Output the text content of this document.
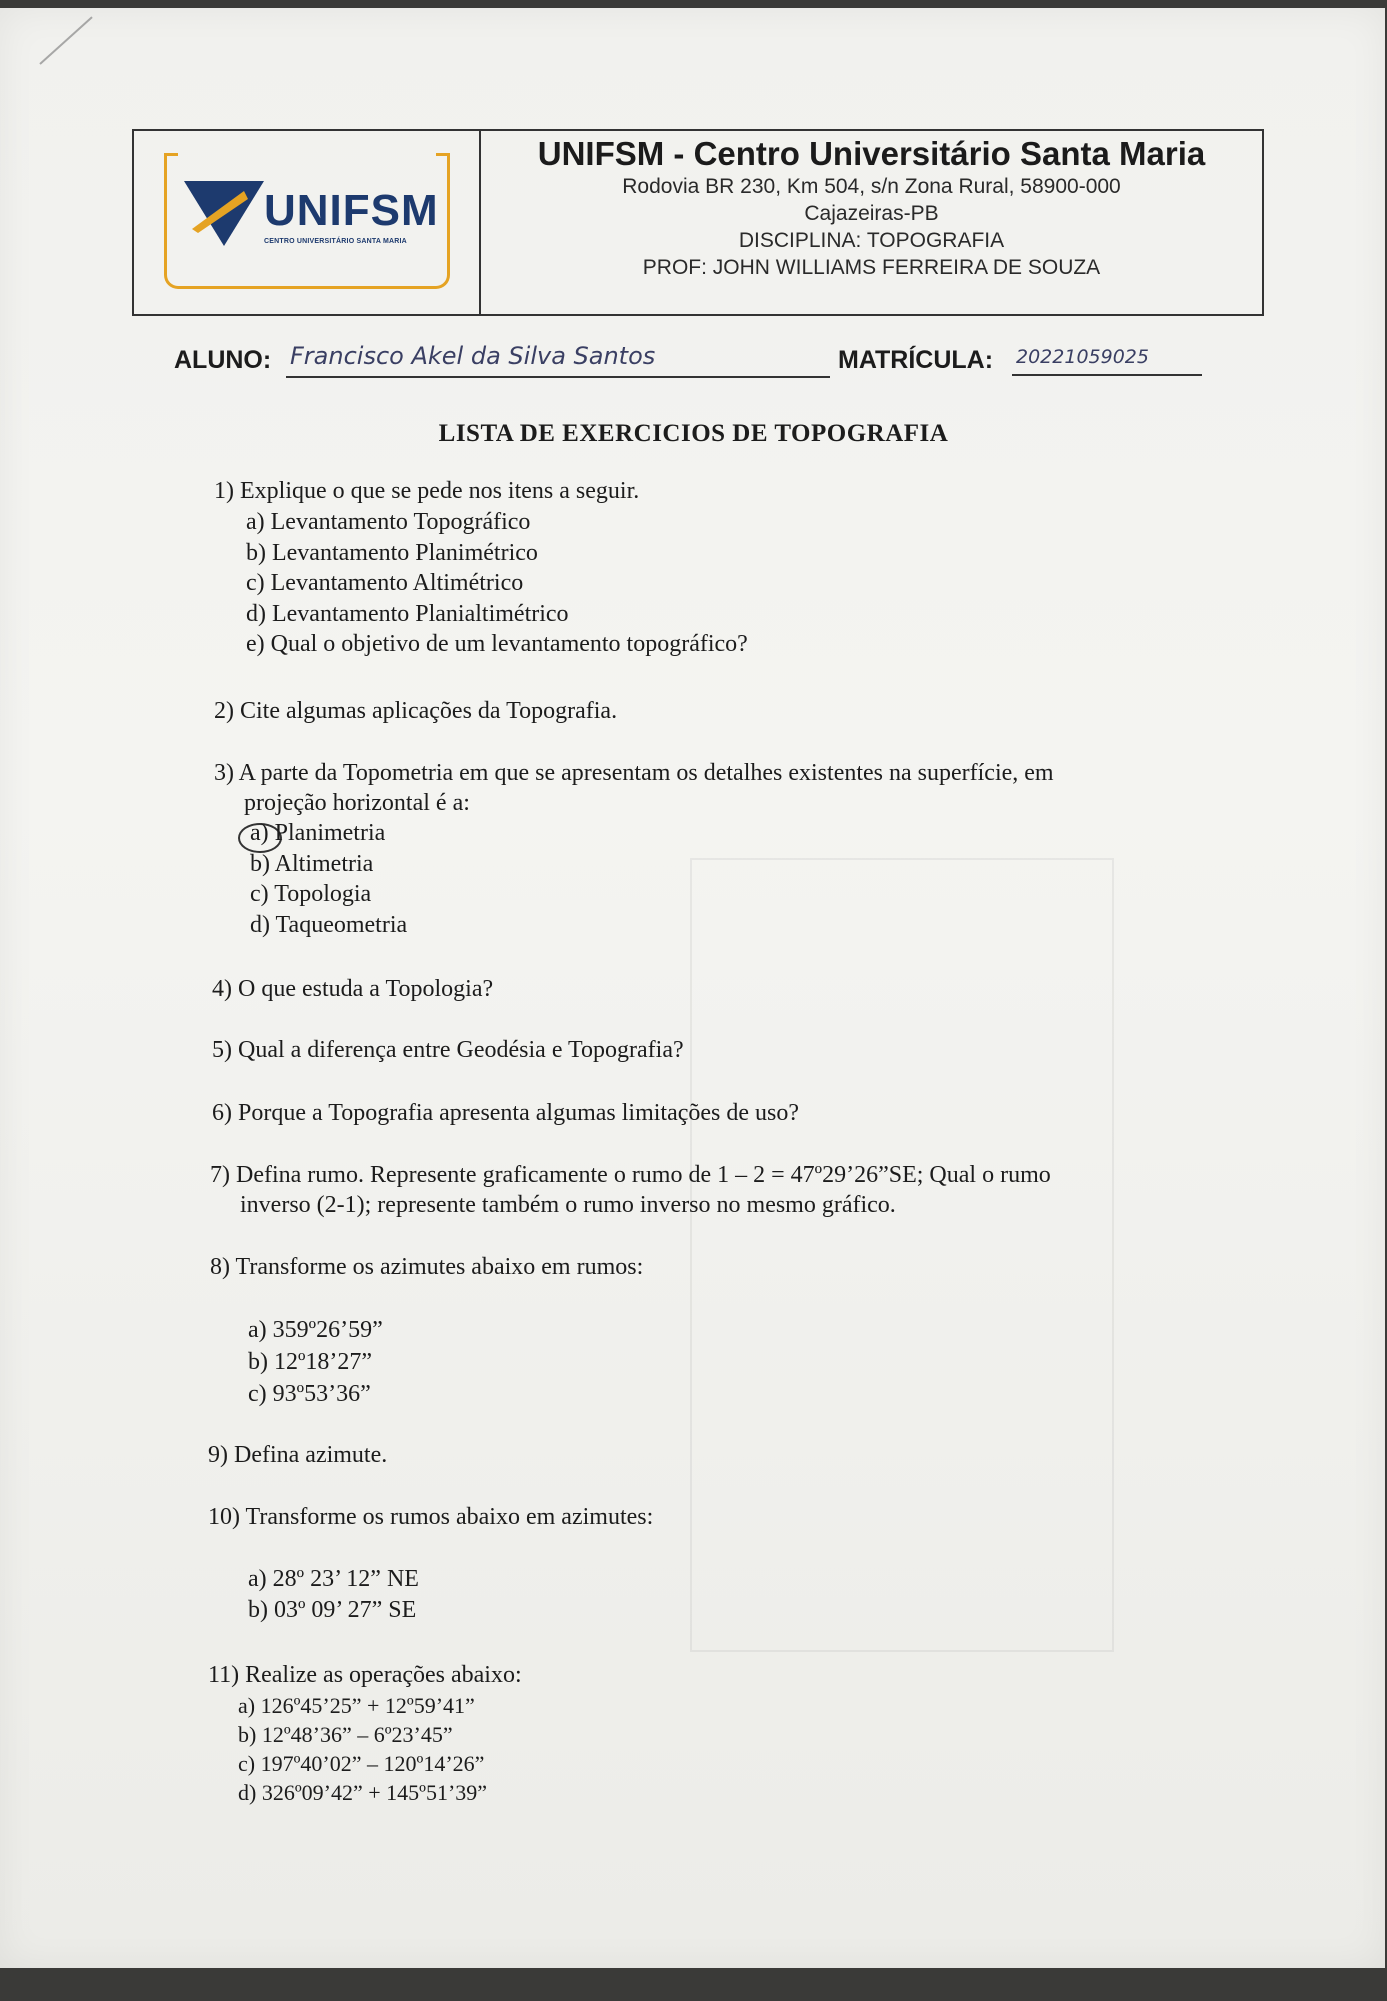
UNIFSM
CENTRO UNIVERSITÁRIO SANTA MARIA

UNIFSM - Centro Universitário Santa Maria

Rodovia BR 230, Km 504, s/n Zona Rural, 58900-000
Cajazeiras-PB
DISCIPLINA: TOPOGRAFIA
PROF: JOHN WILLIAMS FERREIRA DE SOUZA
ALUNO: Francisco Akel da Silva Santos	MATRÍCULA: 20221059025
LISTA DE EXERCICIOS DE TOPOGRAFIA
1) Explique o que se pede nos itens a seguir.
a) Levantamento Topográfico
b) Levantamento Planimétrico
c) Levantamento Altimétrico
d) Levantamento Planialtimétrico
e) Qual o objetivo de um levantamento topográfico?
2) Cite algumas aplicações da Topografia.
3) A parte da Topometria em que se apresentam os detalhes existentes na superfície, em
projeção horizontal é a:
a) Planimetria
b) Altimetria
c) Topologia
d) Taqueometria
4) O que estuda a Topologia?
5) Qual a diferença entre Geodésia e Topografia?
6) Porque a Topografia apresenta algumas limitações de uso?
7) Defina rumo. Represente graficamente o rumo de 1 – 2 = 47º29’26”SE; Qual o rumo
inverso (2-1); represente também o rumo inverso no mesmo gráfico.
8) Transforme os azimutes abaixo em rumos:
a) 359º26’59”
b) 12º18’27”
c) 93º53’36”
9) Defina azimute.
10) Transforme os rumos abaixo em azimutes:
a) 28º 23’ 12” NE
b) 03º 09’ 27” SE
11) Realize as operações abaixo:
a) 126º45’25” + 12º59’41”
b) 12º48’36” – 6º23’45”
c) 197º40’02” – 120º14’26”
d) 326º09’42” + 145º51’39”
